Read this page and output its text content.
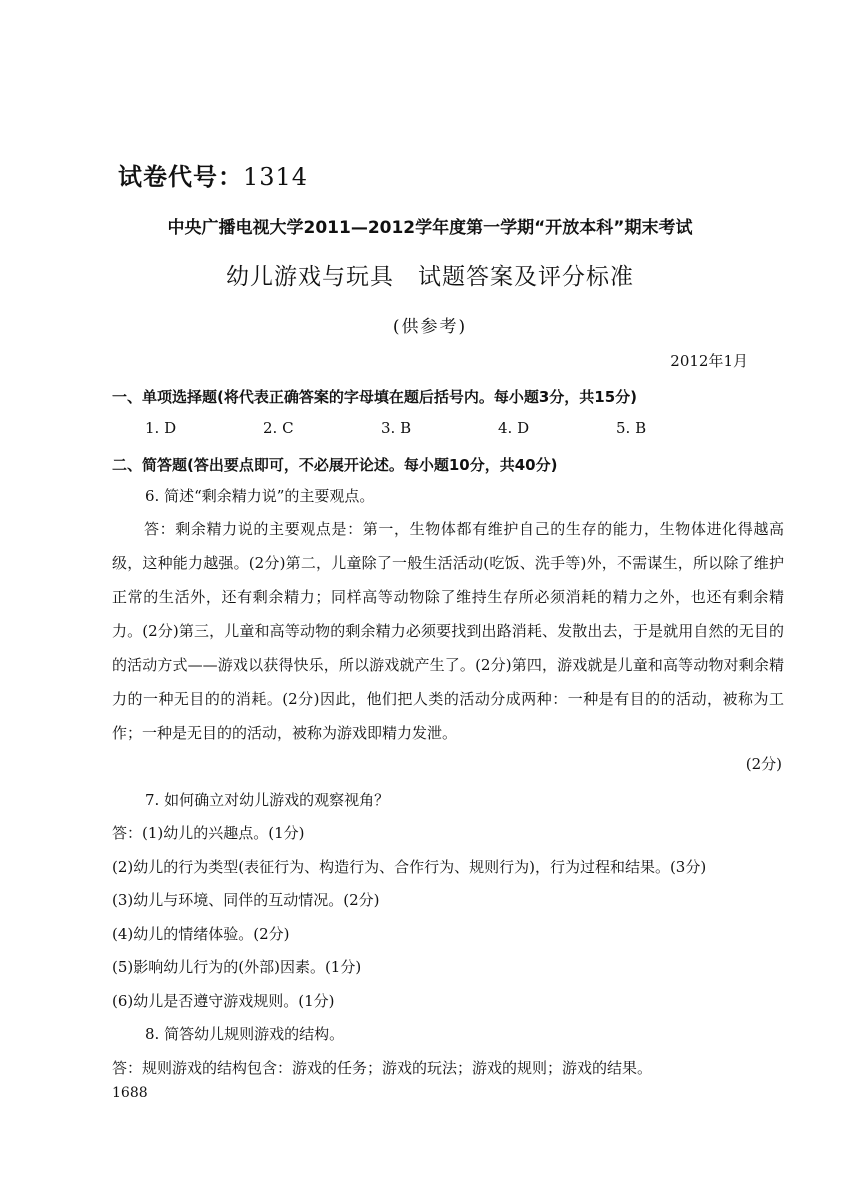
试卷代号：1314
中央广播电视大学2011—2012学年度第一学期“开放本科”期末考试
幼儿游戏与玩具　试题答案及评分标准
(供参考)
2012年1月
一、单项选择题(将代表正确答案的字母填在题后括号内。每小题3分，共15分)
1. D	2. C	3. B	4. D	5. B
二、简答题(答出要点即可，不必展开论述。每小题10分，共40分)
6. 简述“剩余精力说”的主要观点。
答：剩余精力说的主要观点是：第一，生物体都有维护自己的生存的能力，生物体进化得越高级，这种能力越强。(2分)第二，儿童除了一般生活活动(吃饭、洗手等)外，不需谋生，所以除了维护正常的生活外，还有剩余精力；同样高等动物除了维持生存所必须消耗的精力之外，也还有剩余精力。(2分)第三，儿童和高等动物的剩余精力必须要找到出路消耗、发散出去，于是就用自然的无目的的活动方式——游戏以获得快乐，所以游戏就产生了。(2分)第四，游戏就是儿童和高等动物对剩余精力的一种无目的的消耗。(2分)因此，他们把人类的活动分成两种：一种是有目的的活动，被称为工作；一种是无目的的活动，被称为游戏即精力发泄。
(2分)
7. 如何确立对幼儿游戏的观察视角？
答：(1)幼儿的兴趣点。(1分)
(2)幼儿的行为类型(表征行为、构造行为、合作行为、规则行为)，行为过程和结果。(3分)
(3)幼儿与环境、同伴的互动情况。(2分)
(4)幼儿的情绪体验。(2分)
(5)影响幼儿行为的(外部)因素。(1分)
(6)幼儿是否遵守游戏规则。(1分)
8. 简答幼儿规则游戏的结构。
答：规则游戏的结构包含：游戏的任务；游戏的玩法；游戏的规则；游戏的结果。
1688
